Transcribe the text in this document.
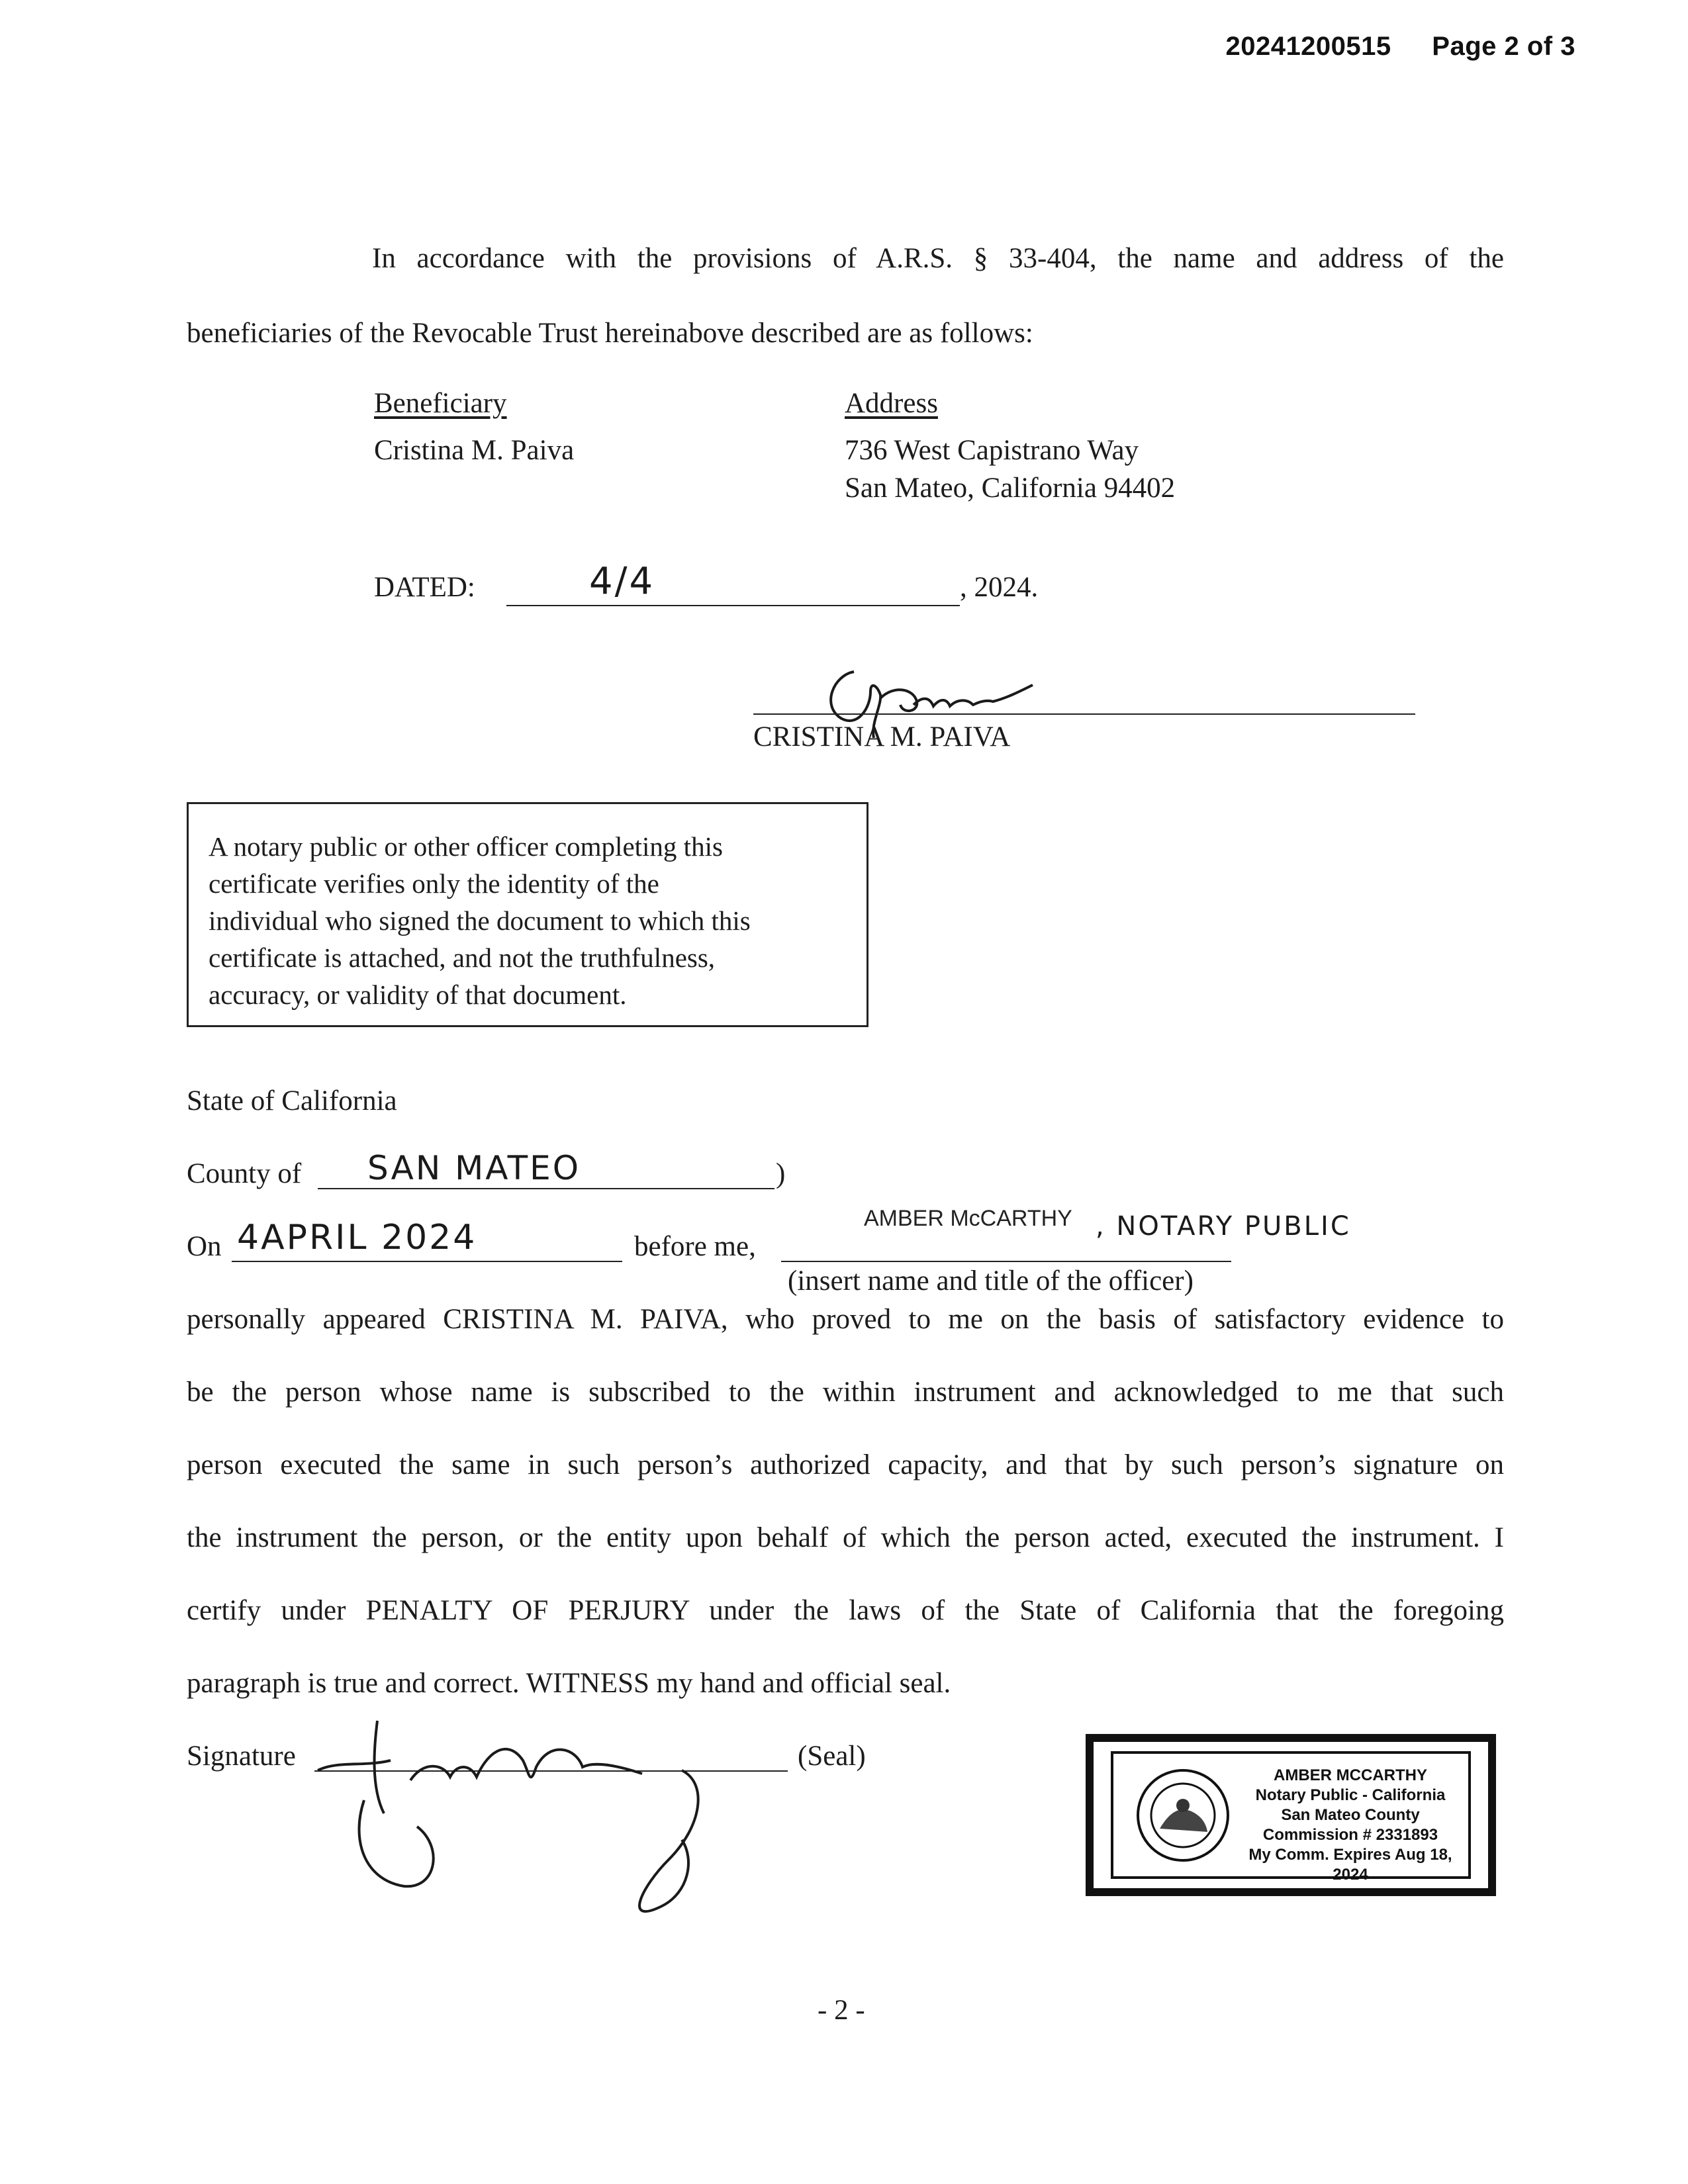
20241200515 Page 2 of 3
In accordance with the provisions of A.R.S. § 33-404, the name and address of the
beneficiaries of the Revocable Trust hereinabove described are as follows:
Beneficiary	Address
Cristina M. Paiva	736 West Capistrano Way
San Mateo, California 94402
DATED:	4/4	, 2024.
CRISTINA M. PAIVA
A notary public or other officer completing this
certificate verifies only the identity of the
individual who signed the document to which this
certificate is attached, and not the truthfulness,
accuracy, or validity of that document.
State of California
County of SAN MATEO	)
On 4APRIL 2024	before me,
AMBER McCARTHY , NOTARY PUBLIC
(insert name and title of the officer)
personally appeared CRISTINA M. PAIVA, who proved to me on the basis of satisfactory evidence to
be the person whose name is subscribed to the within instrument and acknowledged to me that such
person executed the same in such person’s authorized capacity, and that by such person’s signature on
the instrument the person, or the entity upon behalf of which the person acted, executed the instrument. I
certify under PENALTY OF PERJURY under the laws of the State of California that the foregoing
paragraph is true and correct. WITNESS my hand and official seal.
Signature	(Seal)
AMBER MCCARTHY
Notary Public - California
San Mateo County
Commission # 2331893
My Comm. Expires Aug 18, 2024
- 2 -
